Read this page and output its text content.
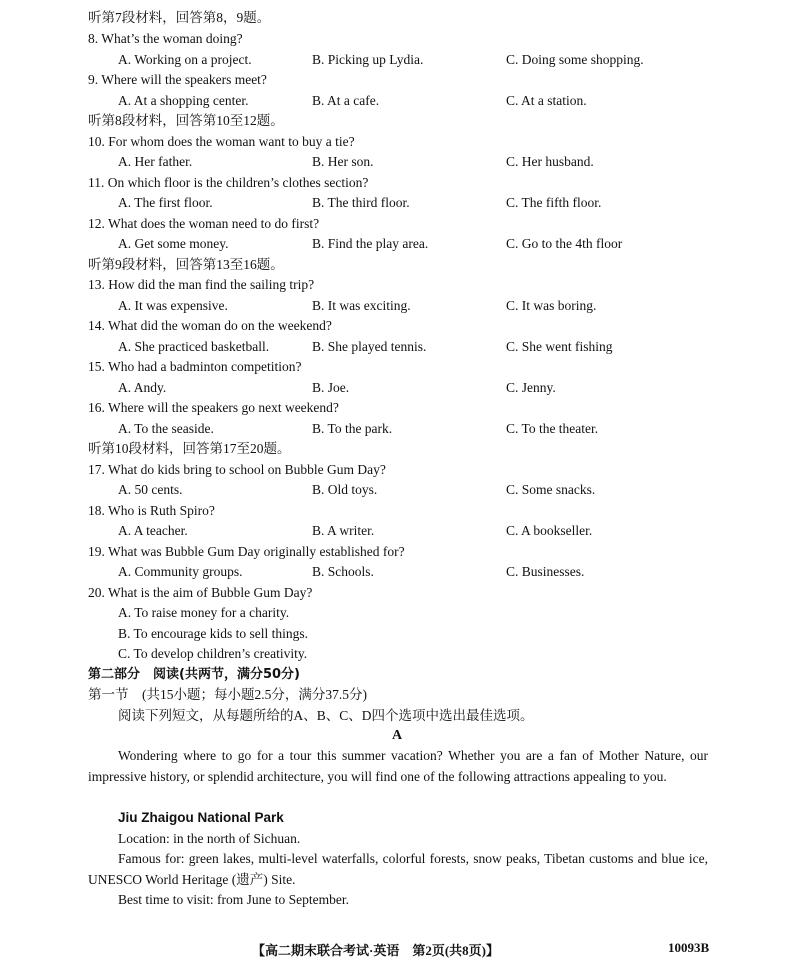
听第7段材料，回答第8，9题。
8. What’s the woman doing?
A. Working on a project.	B. Picking up Lydia.	C. Doing some shopping.
9. Where will the speakers meet?
A. At a shopping center.	B. At a cafe.	C. At a station.
听第8段材料，回答第10至12题。
10. For whom does the woman want to buy a tie?
A. Her father.	B. Her son.	C. Her husband.
11. On which floor is the children’s clothes section?
A. The first floor.	B. The third floor.	C. The fifth floor.
12. What does the woman need to do first?
A. Get some money.	B. Find the play area.	C. Go to the 4th floor
听第9段材料，回答第13至16题。
13. How did the man find the sailing trip?
A. It was expensive.	B. It was exciting.	C. It was boring.
14. What did the woman do on the weekend?
A. She practiced basketball.	B. She played tennis.	C. She went fishing
15. Who had a badminton competition?
A. Andy.	B. Joe.	C. Jenny.
16. Where will the speakers go next weekend?
A. To the seaside.	B. To the park.	C. To the theater.
听第10段材料，回答第17至20题。
17. What do kids bring to school on Bubble Gum Day?
A. 50 cents.	B. Old toys.	C. Some snacks.
18. Who is Ruth Spiro?
A. A teacher.	B. A writer.	C. A bookseller.
19. What was Bubble Gum Day originally established for?
A. Community groups.	B. Schools.	C. Businesses.
20. What is the aim of Bubble Gum Day?
A. To raise money for a charity.
B. To encourage kids to sell things.
C. To develop children’s creativity.
第二部分　阅读(共两节，满分50分)
第一节　(共15小题；每小题2.5分，满分37.5分)
阅读下列短文，从每题所给的A、B、C、D四个选项中选出最佳选项。
A
Wondering where to go for a tour this summer vacation? Whether you are a fan of Mother Nature, our impressive history, or splendid architecture, you will find one of the following attractions appealing to you.
Jiu Zhaigou National Park
Location: in the north of Sichuan.
Famous for: green lakes, multi-level waterfalls, colorful forests, snow peaks, Tibetan customs and blue ice, UNESCO World Heritage (遗产) Site.
Best time to visit: from June to September.
【高二期末联合考试·英语　第2页(共8页)】	10093B
